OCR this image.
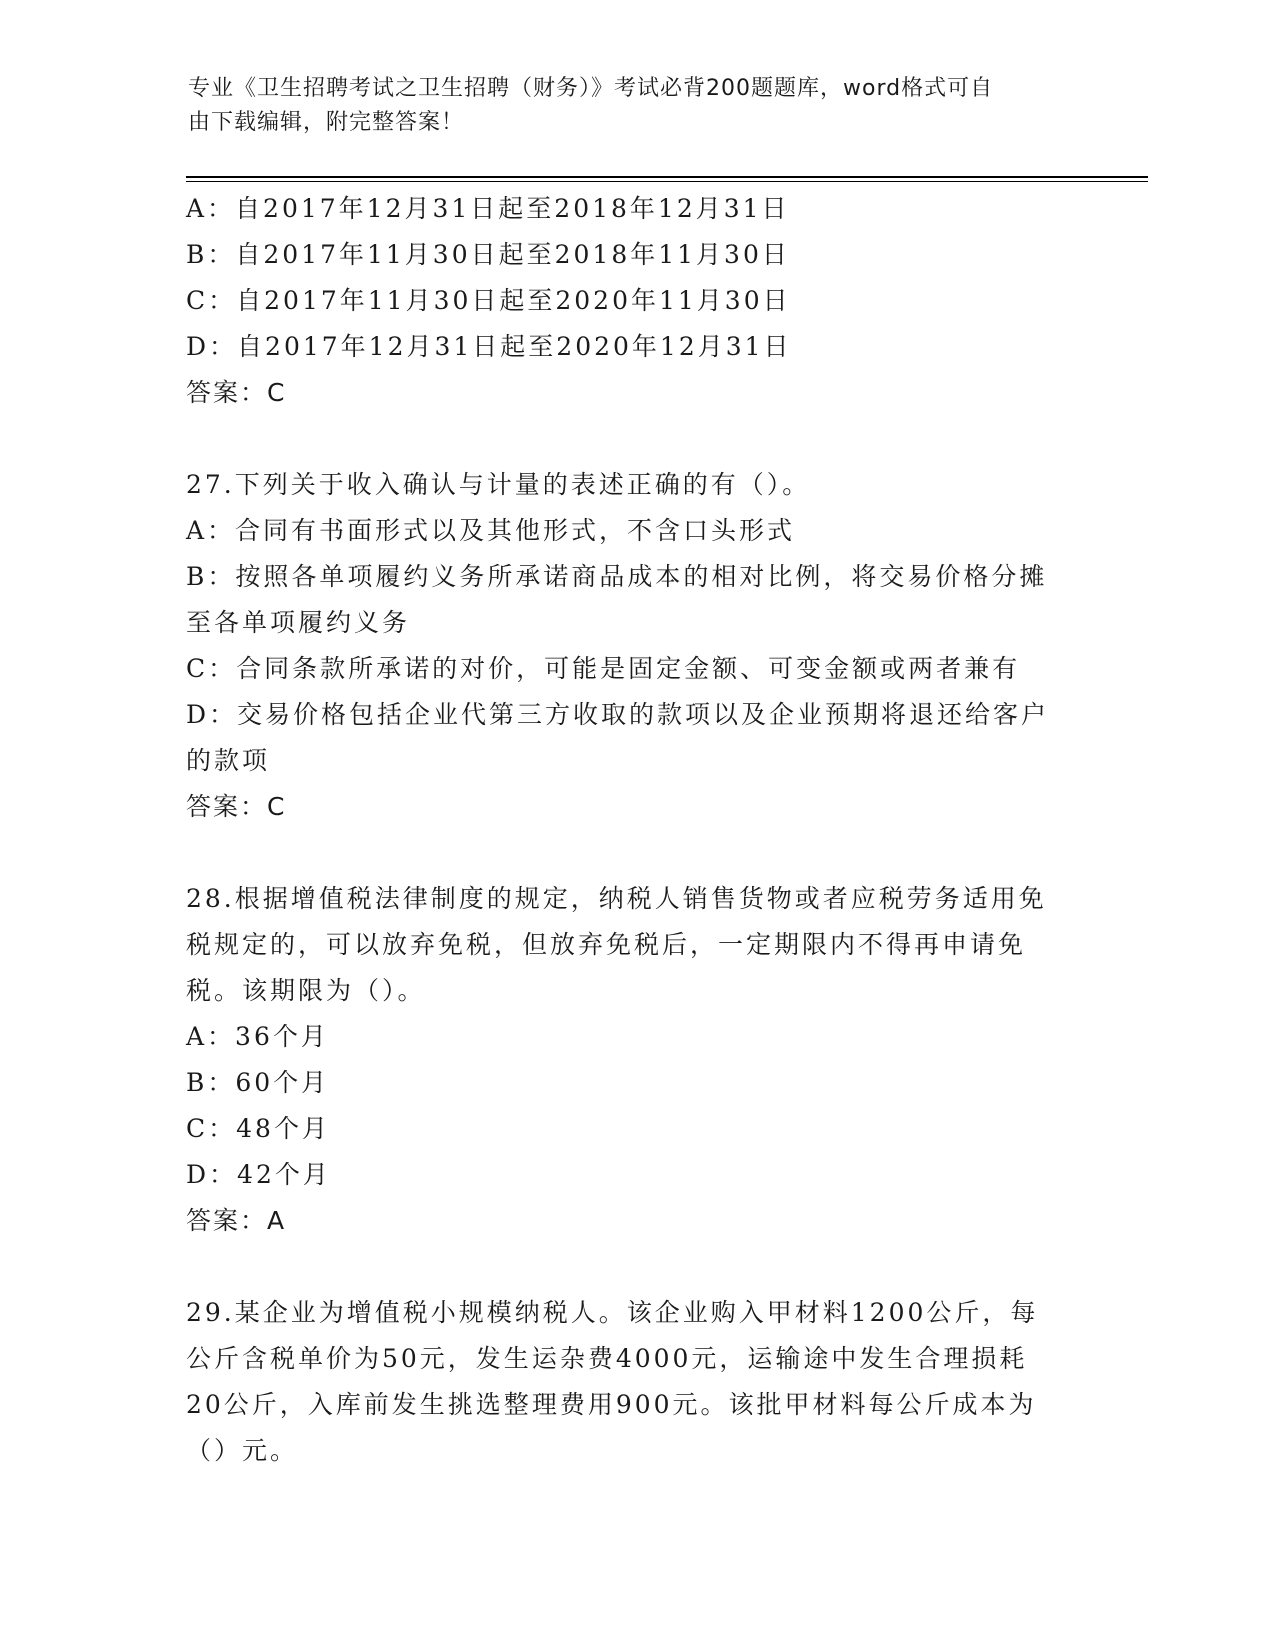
专业《卫生招聘考试之卫生招聘（财务）》考试必背200题题库，word格式可自
由下载编辑，附完整答案！
A：自2017年12月31日起至2018年12月31日
B：自2017年11月30日起至2018年11月30日
C：自2017年11月30日起至2020年11月30日
D：自2017年12月31日起至2020年12月31日
答案：C
27.下列关于收入确认与计量的表述正确的有（）。
A：合同有书面形式以及其他形式，不含口头形式
B：按照各单项履约义务所承诺商品成本的相对比例，将交易价格分摊
至各单项履约义务
C：合同条款所承诺的对价，可能是固定金额、可变金额或两者兼有
D：交易价格包括企业代第三方收取的款项以及企业预期将退还给客户
的款项
答案：C
28.根据增值税法律制度的规定，纳税人销售货物或者应税劳务适用免
税规定的，可以放弃免税，但放弃免税后，一定期限内不得再申请免
税。该期限为（）。
A：36个月
B：60个月
C：48个月
D：42个月
答案：A
29.某企业为增值税小规模纳税人。该企业购入甲材料1200公斤，每
公斤含税单价为50元，发生运杂费4000元，运输途中发生合理损耗
20公斤，入库前发生挑选整理费用900元。该批甲材料每公斤成本为
（）元。
